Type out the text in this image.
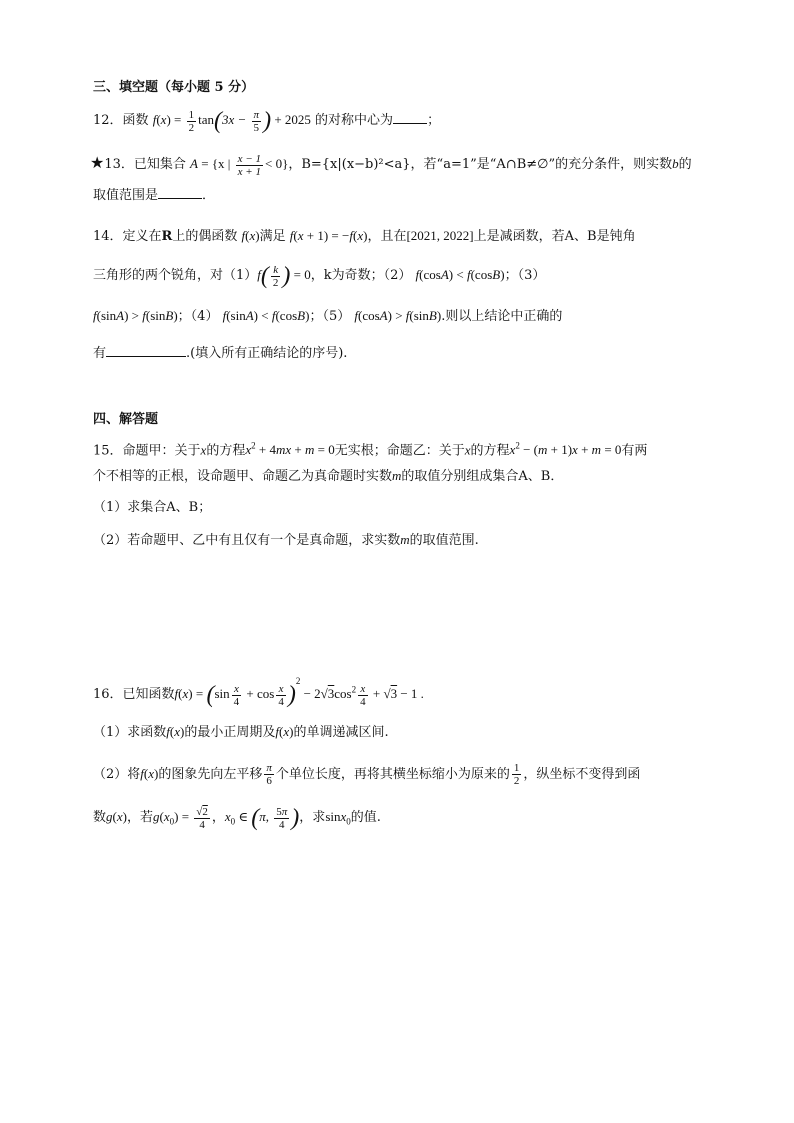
三、填空题（每小题 5 分）
12．函数 $f(x) = \frac{1}{2} \tan(3x - \frac{\pi}{5}$ ) + 2025 的对称中心为	；
★13．已知集合 A = {x | $\frac{x - 1}{x + 1} < 0$}，B={x|(x−b)²<a}，若“a=1”是“A∩B≠∅”的充分条件，则实数b的
取值范围是	．
14．定义在R上的偶函数 f(x)满足 f(x + 1) = −f(x)，且在[2021, 2022]上是减函数，若A、B是钝角
三角形的两个锐角，对$(1)f( \frac{k}{2}$ ) = 0，k为奇数；（2） f(cosA) < f(cosB)；（3）
f(sinA) > f(sinB)；（4） f(sinA) < f(cosB)；（5） f(cosA) > f(sinB).则以上结论中正确的
有	.(填入所有正确结论的序号).
四、解答题
15．命题甲：关于x的方程$x^2 + 4mx + m = 0$无实根；命题乙：关于x的方程$x^2 - (m + 1)x + m = 0$有两
个不相等的正根，设命题甲、命题乙为真命题时实数m的取值分别组成集合A、B．
（1）求集合A、B；
（2）若命题甲、乙中有且仅有一个是真命题，求实数m的取值范围.
16．已知函数$f(x) = (\sin \frac{x}{4} + \cos \frac{x}{4} )^2 - 2√3\cos^2 \frac{x}{4} + √3 - 1$ .
（1）求函数f(x)的最小正周期及f(x)的单调递减区间.
（2）将f(x)的图象先向左平移 $\frac{\pi}{6}$ 个单位长度，再将其横坐标缩小为原来的 $\frac{1}{2}$ ，纵坐标不变得到函
数g(x)，若$g(x_0) = \frac{√2}{4}$ ，$x_0$ ∈ (π, $\frac{5\pi}{4}$ )，求sinx$_0$的值.
